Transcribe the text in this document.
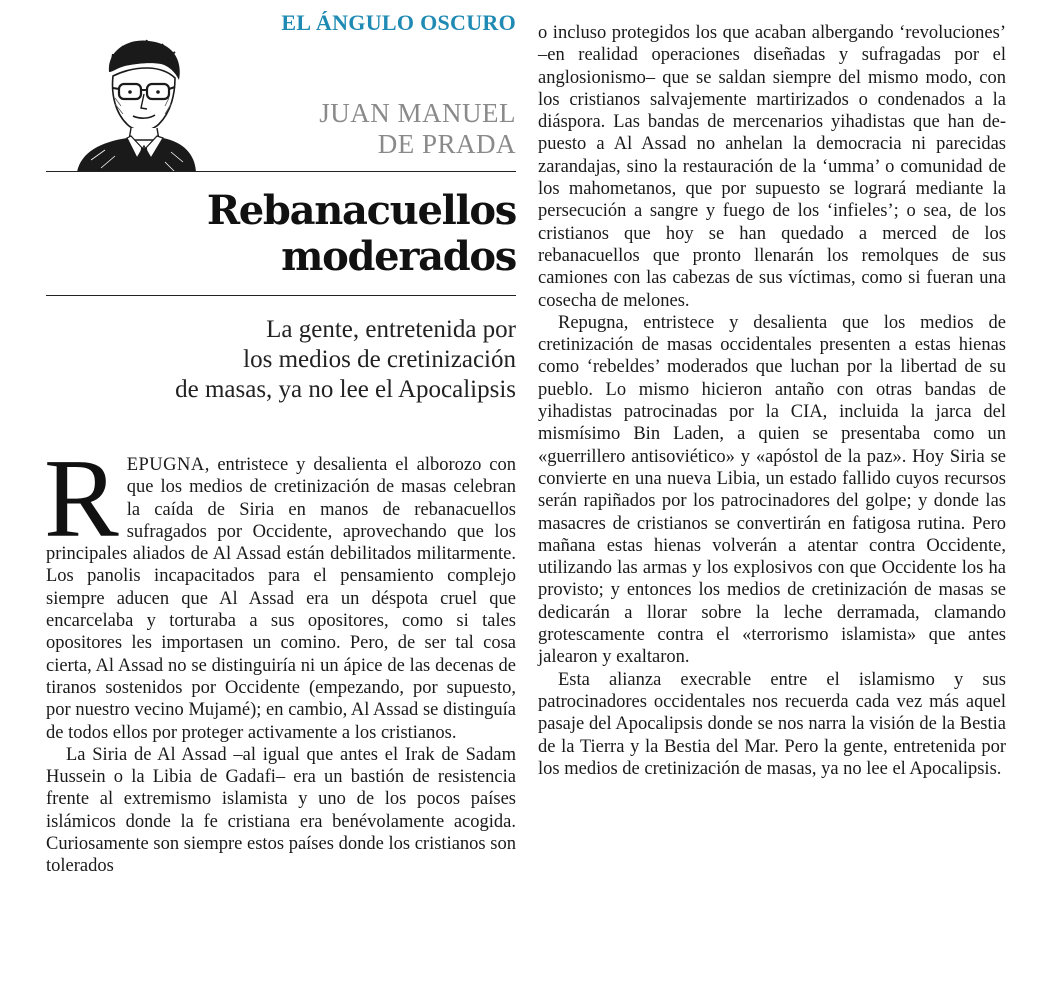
EL ÁNGULO OSCURO
JUAN MANUEL
DE PRADA
Rebanacuellos
moderados
La gente, entretenida por
los medios de cretinización
de masas, ya no lee el Apocalipsis

REPUGNA, entristece y desalienta el alborozo con que los medios de cretinización de masas celebran la caída de Siria en manos de rebanacuellos sufragados por Occidente, aprovechando que los principales aliados de Al Assad están debilitados militarmente. Los panolis incapacitados para el pensamiento complejo siempre aducen que Al Assad era un déspota cruel que encarcelaba y torturaba a sus opositores, como si tales opositores les importasen un comino. Pero, de ser tal cosa cierta, Al Assad no se distinguiría ni un ápice de las decenas de tiranos sostenidos por Occidente (empezando, por supuesto, por nuestro vecino Mujamé); en cambio, Al Assad se distinguía de todos ellos por proteger activamente a los cristianos.

La Siria de Al Assad –al igual que antes el Irak de Sadam Hussein o la Libia de Gadafi– era un bastión de resistencia frente al extremismo islamista y uno de los pocos países islámicos donde la fe cristiana era benévolamente acogida. Curiosamente son siempre estos países donde los cristianos son tolerados

o incluso protegidos los que acaban albergando ‘revoluciones’ –en realidad operaciones diseñadas y sufragadas por el anglosionismo– que se saldan siempre del mismo modo, con los cristianos salvajemente martirizados o condenados a la diáspora. Las bandas de mercenarios yihadistas que han depuesto a Al Assad no anhelan la democracia ni parecidas zarandajas, sino la restauración de la ‘umma’ o comunidad de los mahometanos, que por supuesto se logrará mediante la persecución a sangre y fuego de los ‘infieles’; o sea, de los cristianos que hoy se han quedado a merced de los rebanacuellos que pronto llenarán los remolques de sus camiones con las cabezas de sus víctimas, como si fueran una cosecha de melones.

Repugna, entristece y desalienta que los medios de cretinización de masas occidentales presenten a estas hienas como ‘rebeldes’ moderados que luchan por la libertad de su pueblo. Lo mismo hicieron antaño con otras bandas de yihadistas patrocinadas por la CIA, incluida la jarca del mismísimo Bin Laden, a quien se presentaba como un «guerrillero antisoviético» y «apóstol de la paz». Hoy Siria se convierte en una nueva Libia, un estado fallido cuyos recursos serán rapiñados por los patrocinadores del golpe; y donde las masacres de cristianos se convertirán en fatigosa rutina. Pero mañana estas hienas volverán a atentar contra Occidente, utilizando las armas y los explosivos con que Occidente los ha provisto; y entonces los medios de cretinización de masas se dedicarán a llorar sobre la leche derramada, clamando grotescamente contra el «terrorismo islamista» que antes jalearon y exaltaron.

Esta alianza execrable entre el islamismo y sus patrocinadores occidentales nos recuerda cada vez más aquel pasaje del Apocalipsis donde se nos narra la visión de la Bestia de la Tierra y la Bestia del Mar. Pero la gente, entretenida por los medios de cretinización de masas, ya no lee el Apocalipsis.
